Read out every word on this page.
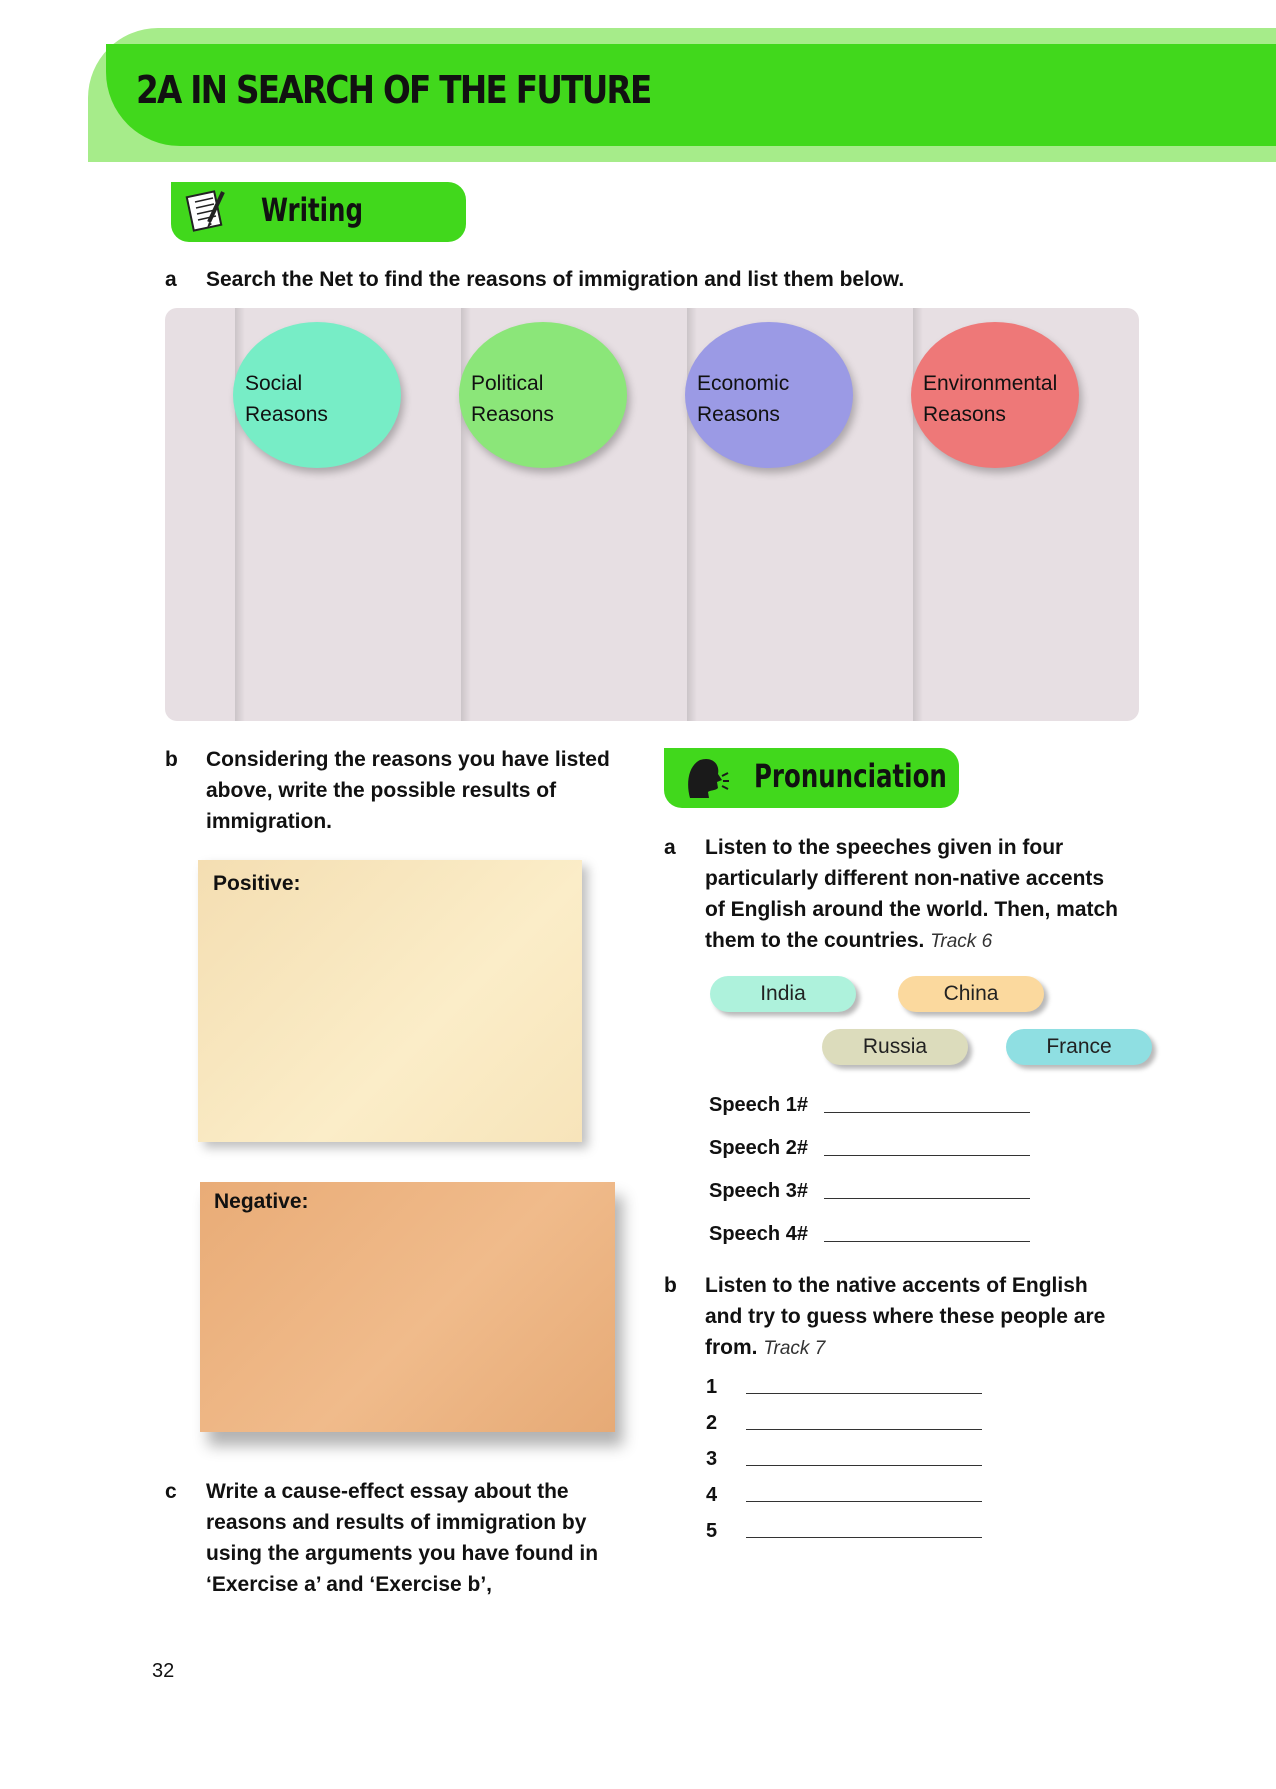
2A IN SEARCH OF THE FUTURE
Writing
a Search the Net to find the reasons of immigration and list them below.
Social
Reasons
Political
Reasons
Economic
Reasons
Environmental
Reasons
b Considering the reasons you have listed
above, write the possible results of
immigration.
Positive:
Negative:
c Write a cause-effect essay about the
reasons and results of immigration by
using the arguments you have found in
‘Exercise a’ and ‘Exercise b’,
Pronunciation
a Listen to the speeches given in four
particularly different non-native accents
of English around the world. Then, match
them to the countries. Track 6
India	China
Russia	France
Speech 1#
Speech 2#
Speech 3#
Speech 4#
b Listen to the native accents of English
and try to guess where these people are
from. Track 7
1
2
3
4
5
32
